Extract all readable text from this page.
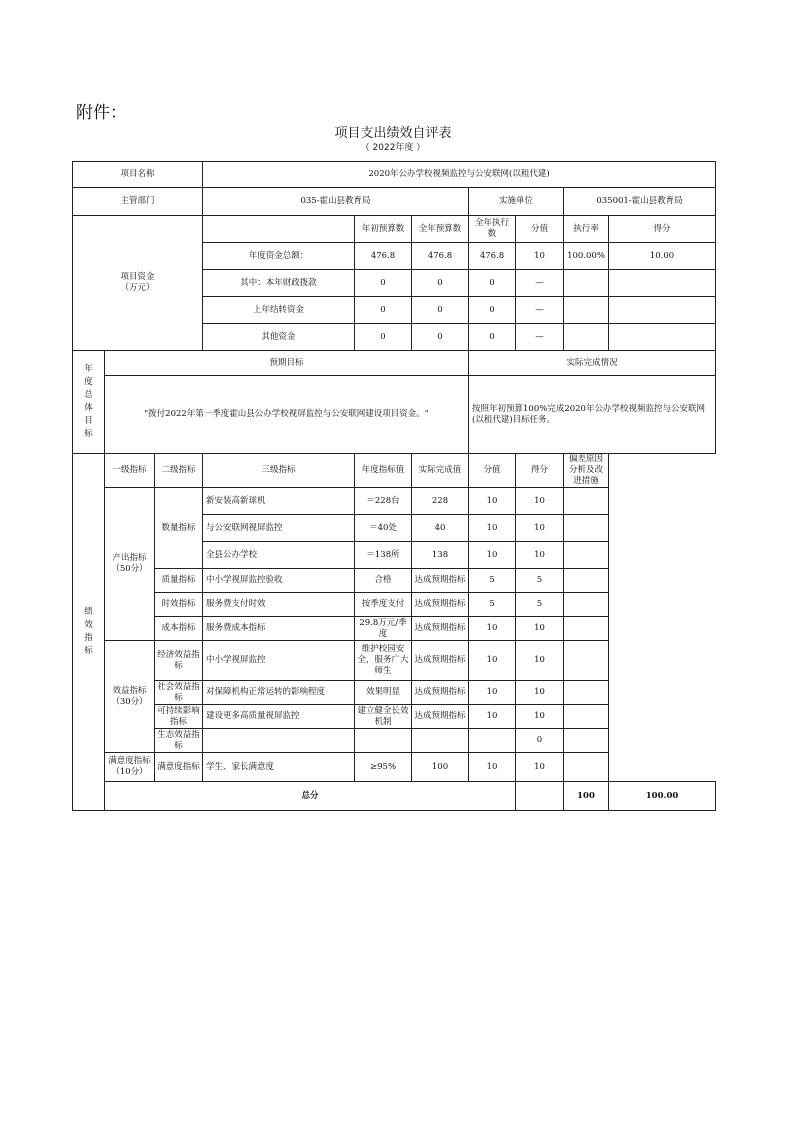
附件：
项目支出绩效自评表
（ 2022年度 ）
项目名称			2020年公办学校视频监控与公安联网(以租代建)							
主管部门			035-霍山县教育局			实施单位		035001-霍山县教育局		

项目资金
（万元）				年初预算数	全年预算数	全年执行数	分值	执行率	得分	
			年度资金总额：	476.8	476.8	476.8	10	100.00%	10.00	
			其中：本年财政拨款	0	0	0	—			
			上年结转资金	0	0	0	—			
			其他资金	0	0	0	—			

年度总体目标	预期目标					实际完成情况				
	"拨付2022年第一季度霍山县公办学校视屏监控与公安联网建设项目资金。"					按照年初预算100%完成2020年公办学校视频监控与公安联网(以租代建)目标任务。				

绩效指标	一级指标	二级指标	三级指标	年度指标值	实际完成值	分值	得分	偏差原因分析及改进措施		
	产出指标（50分）	数量指标	新安装高新球机	＝228台	228	10	10			
			与公安联网视屏监控	＝40处	40	10	10			
			全县公办学校	＝138所	138	10	10			
		质量指标	中小学视屏监控验收	合格	达成预期指标	5	5			
		时效指标	服务费支付时效	按季度支付	达成预期指标	5	5			
		成本指标	服务费成本指标	29.8万元/季度	达成预期指标	10	10			
	效益指标（30分）	经济效益指标	中小学视屏监控	维护校园安全，服务广大师生	达成预期指标	10	10			
		社会效益指标	对保障机构正常运转的影响程度	效果明显	达成预期指标	10	10			
		可持续影响指标	建设更多高质量视屏监控	建立健全长效机制	达成预期指标	10	10			
		生态效益指标					0			
	满意度指标（10分）	满意度指标	学生、家长满意度	≥95%	100	10	10			
	总分							100	100.00	
